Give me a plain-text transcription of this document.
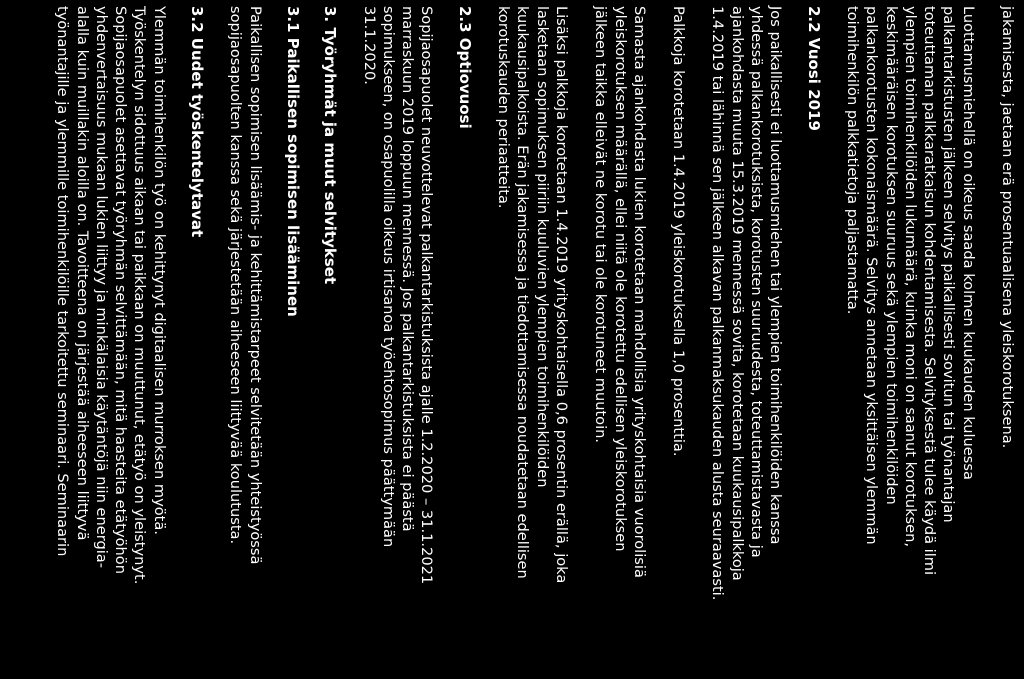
jakamisesta, jaetaan erä prosentuaalisena yleiskorotuksena.
Luottamusmiehellä on oikeus saada kolmen kuukauden kuluessa
palkantarkistusten jälkeen selvitys paikallisesti sovitun tai työnantajan
toteuttaman palkkaratkaisun kohdentamisesta. Selvityksestä tulee käydä ilmi
ylempien toimihenkilöiden lukumäärä, kuinka moni on saanut korotuksen,
keskimääräisen korotuksen suuruus sekä ylempien toimihenkilöiden
palkankorotusten kokonaismäärä. Selvitys annetaan yksittäisen ylemmän
toimihenkilön palkkatietoja paljastamatta.
2.2 Vuosi 2019
Jos paikallisesti ei luottamusmiehen tai ylempien toimihenkilöiden kanssa
yhdessä palkankorotuksista, korotusten suuruudesta, toteuttamistavasta ja
ajankohdasta muuta 15.3.2019 mennessä sovita, korotetaan kuukausipalkkoja
1.4.2019 tai lähinnä sen jälkeen alkavan palkanmaksukauden alusta seuraavasti.
Palkkoja korotetaan 1.4.2019 yleiskorotuksella 1,0 prosenttia.
Samasta ajankohdasta lukien korotetaan mahdollisia yrityskohtaisia vuorolisiä
yleiskorotuksen määrällä, ellei niitä ole korotettu edellisen yleiskorotuksen
jälkeen taikka elleivät ne korotu tai ole korotuneet muutoin.
Lisäksi palkkoja korotetaan 1.4.2019 yrityskohtaisella 0,6 prosentin erällä, joka
lasketaan sopimuksen piiriin kuuluvien ylempien toimihenkilöiden
kuukausipalkoista. Erän jakamisessa ja tiedottamisessa noudatetaan edellisen
korotuskauden periaatteita.
2.3 Optiovuosi
Sopijaosapuolet neuvottelevat palkantarkistuksista ajalle 1.2.2020 – 31.1.2021
marraskuun 2019 loppuun mennessä. Jos palkantarkistuksista ei päästä
sopimukseen, on osapuolilla oikeus irtisanoa työehtosopimus päättymään
31.1.2020.
3. Työryhmät ja muut selvitykset
3.1 Paikallisen sopimisen lisääminen
Paikallisen sopimisen lisäämis- ja kehittämistarpeet selvitetään yhteistyössä
sopijaosapuolten kanssa sekä järjestetään aiheeseen liittyvää koulutusta.
3.2 Uudet työskentelytavat
Ylemmän toimihenkilön työ on kehittynyt digitaalisen murroksen myötä.
Työskentelyn sidottuus aikaan tai paikkaan on muuttunut, etätyö on yleistynyt.
Sopijaosapuolet asettavat työryhmän selvittämään, mitä haasteita etätyöhön
yhdenvertaisuus mukaan lukien liittyy ja minkälaisia käytäntöjä niin energia-
alalla kuin muillakin aloilla on. Tavoitteena on järjestää aiheeseen liittyvä
työnantajille ja ylemmille toimihenkilöille tarkoitettu seminaari. Seminaarin
